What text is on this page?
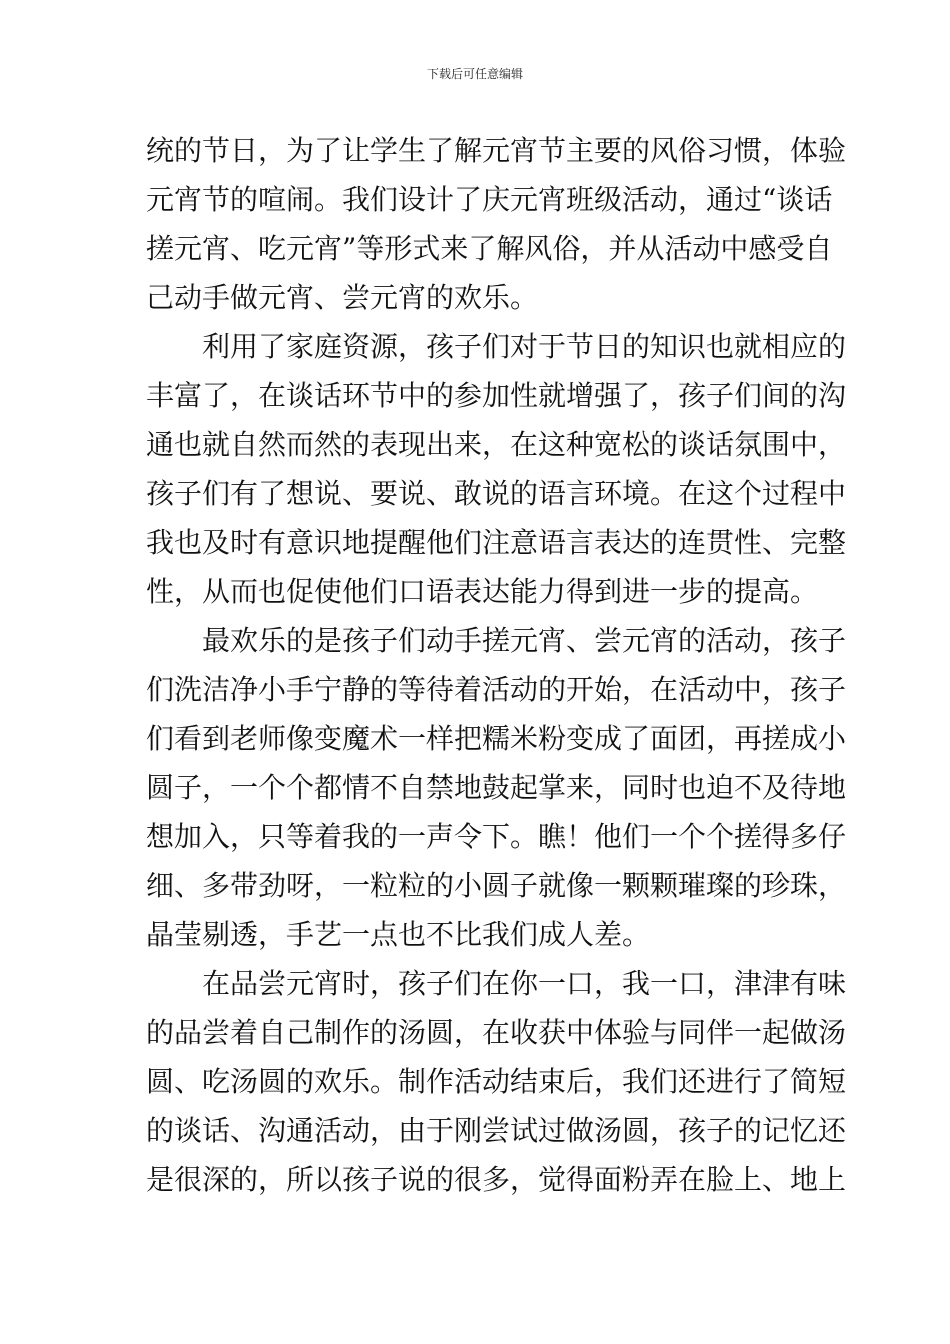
下载后可任意编辑
统的节日，为了让学生了解元宵节主要的风俗习惯，体验
元宵节的喧闹。我们设计了庆元宵班级活动，通过“谈话
搓元宵、吃元宵”等形式来了解风俗，并从活动中感受自
己动手做元宵、尝元宵的欢乐。
利用了家庭资源，孩子们对于节日的知识也就相应的
丰富了，在谈话环节中的参加性就增强了，孩子们间的沟
通也就自然而然的表现出来，在这种宽松的谈话氛围中，
孩子们有了想说、要说、敢说的语言环境。在这个过程中
我也及时有意识地提醒他们注意语言表达的连贯性、完整
性，从而也促使他们口语表达能力得到进一步的提高。
最欢乐的是孩子们动手搓元宵、尝元宵的活动，孩子
们洗洁净小手宁静的等待着活动的开始，在活动中，孩子
们看到老师像变魔术一样把糯米粉变成了面团，再搓成小
圆子，一个个都情不自禁地鼓起掌来，同时也迫不及待地
想加入，只等着我的一声令下。瞧！他们一个个搓得多仔
细、多带劲呀，一粒粒的小圆子就像一颗颗璀璨的珍珠，
晶莹剔透，手艺一点也不比我们成人差。
在品尝元宵时，孩子们在你一口，我一口，津津有味
的品尝着自己制作的汤圆，在收获中体验与同伴一起做汤
圆、吃汤圆的欢乐。制作活动结束后，我们还进行了简短
的谈话、沟通活动，由于刚尝试过做汤圆，孩子的记忆还
是很深的，所以孩子说的很多，觉得面粉弄在脸上、地上
